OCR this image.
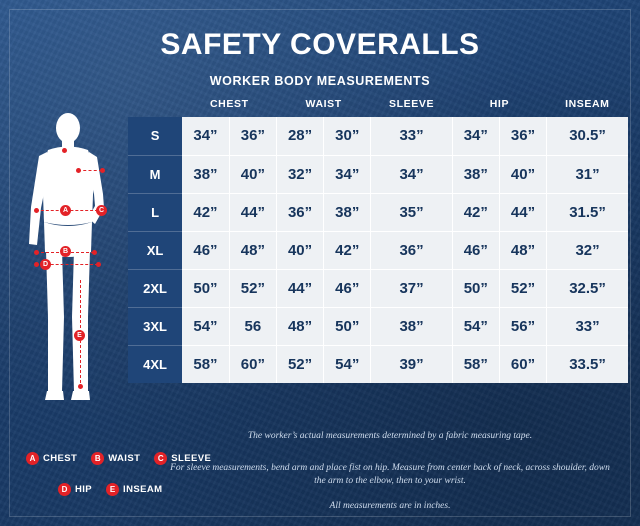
SAFETY COVERALLS
WORKER BODY MEASUREMENTS
A	C
B
D
E
	CHEST		WAIST		SLEEVE	HIP		INSEAM
S	34”	36”	28”	30”	33”	34”	36”	30.5”
M	38”	40”	32”	34”	34”	38”	40”	31”
L	42”	44”	36”	38”	35”	42”	44”	31.5”
XL	46”	48”	40”	42”	36”	46”	48”	32”
2XL	50”	52”	44”	46”	37”	50”	52”	32.5”
3XL	54”	56	48”	50”	38”	54”	56”	33”
4XL	58”	60”	52”	54”	39”	58”	60”	33.5”
A CHEST	B WAIST	C SLEEVE
D HIP	E INSEAM
The worker’s actual measurements determined by a fabric measuring tape.
For sleeve measurements, bend arm and place fist on hip. Measure from center back of neck, across shoulder, down the arm to the elbow, then to your wrist.
All measurements are in inches.
